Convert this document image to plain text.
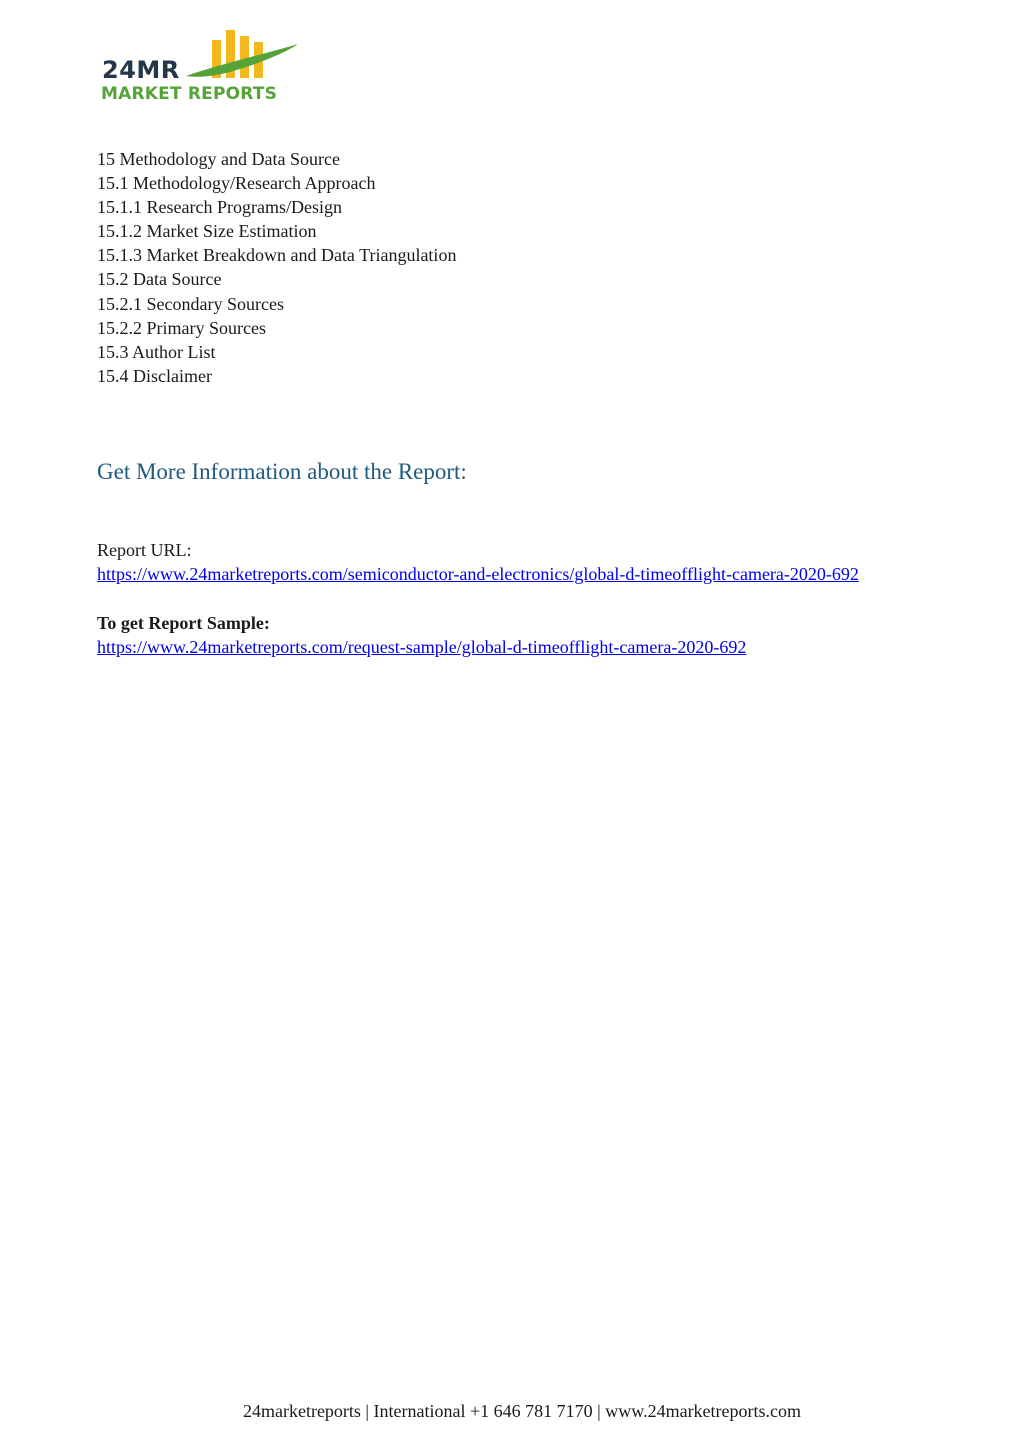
24MR
MARKET REPORTS
15 Methodology and Data Source
15.1 Methodology/Research Approach
15.1.1 Research Programs/Design
15.1.2 Market Size Estimation
15.1.3 Market Breakdown and Data Triangulation
15.2 Data Source
15.2.1 Secondary Sources
15.2.2 Primary Sources
15.3 Author List
15.4 Disclaimer
Get More Information about the Report:
Report URL:
https://www.24marketreports.com/semiconductor-and-electronics/global-d-timeofflight-camera-2020-692
To get Report Sample:
https://www.24marketreports.com/request-sample/global-d-timeofflight-camera-2020-692
24marketreports | International +1 646 781 7170 | www.24marketreports.com
